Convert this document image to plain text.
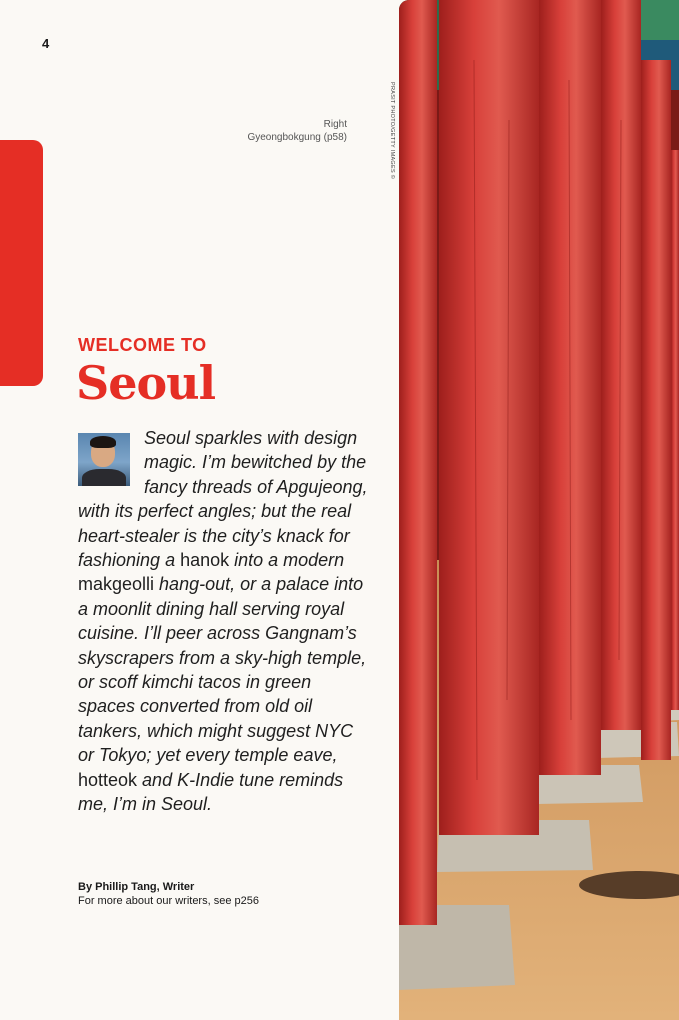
4
Right
Gyeongbokgung (p58)	PRASIT PHOTO/GETTY IMAGES ©
WELCOME TO
Seoul
Seoul sparkles with design magic. I’m bewitched by the fancy threads of Apgujeong, with its perfect angles; but the real heart-stealer is the city’s knack for fashioning a hanok into a modern makgeolli hang-out, or a palace into a moonlit dining hall serving royal cuisine. I’ll peer across Gangnam’s skyscrapers from a sky-high temple, or scoff kimchi tacos in green spaces converted from old oil tankers, which might suggest NYC or Tokyo; yet every temple eave, hotteok and K-Indie tune reminds me, I’m in Seoul.
By Phillip Tang, Writer
For more about our writers, see p256
